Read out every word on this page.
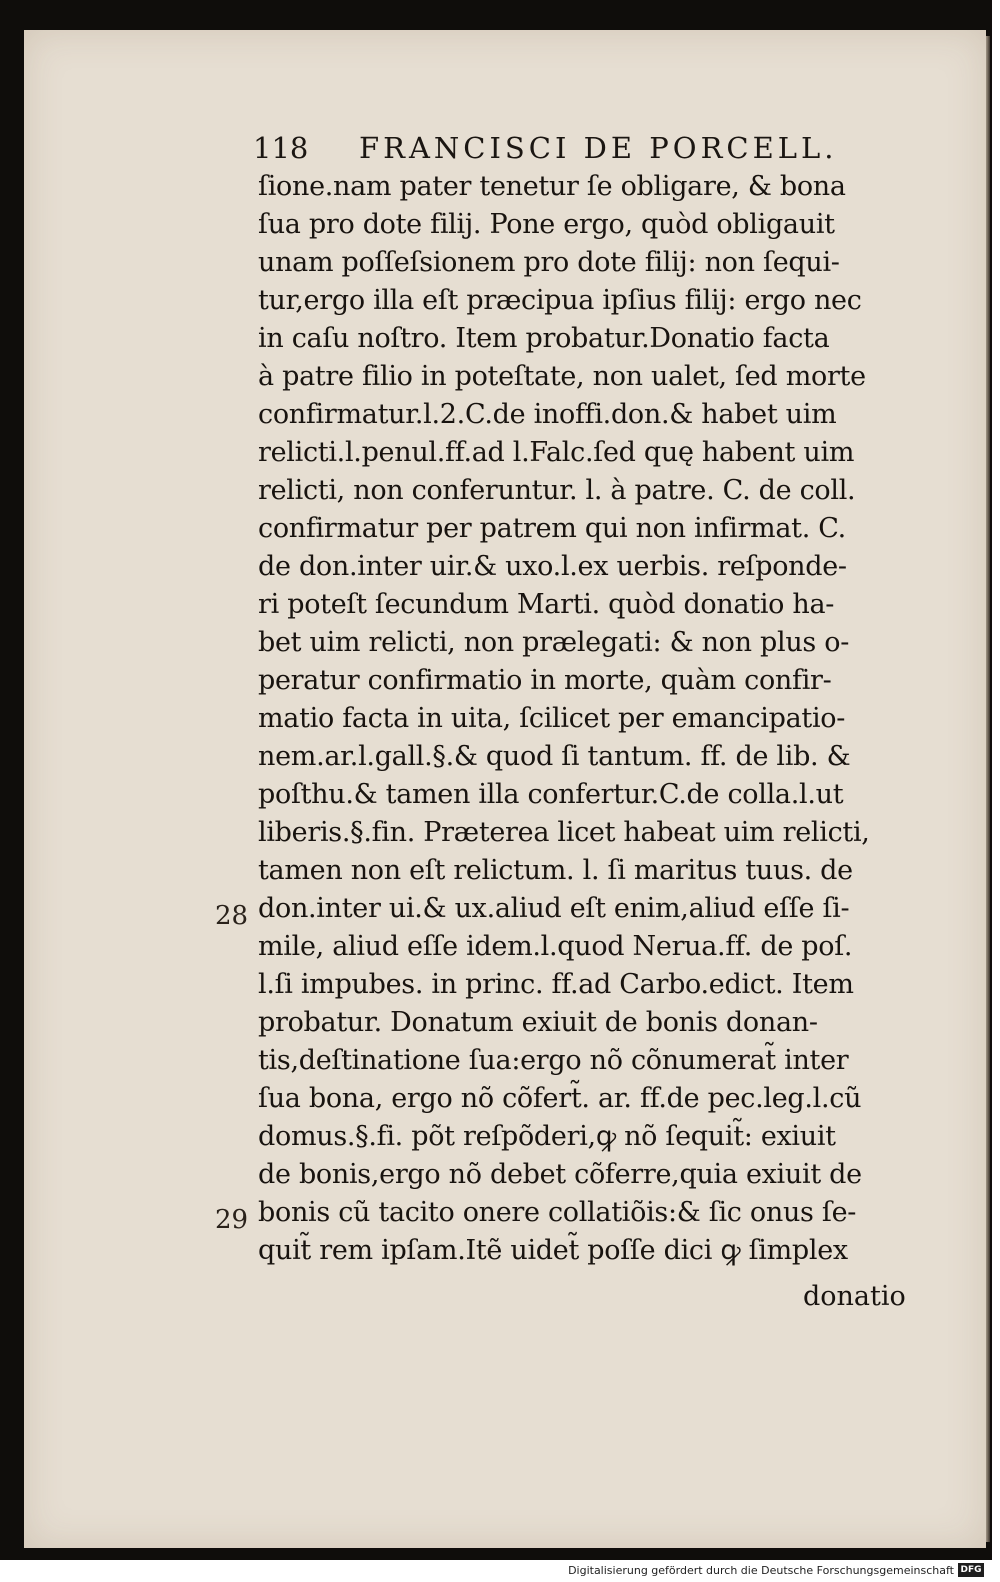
118 FRANCISCI DE PORCELL.
ſione.nam pater tenetur ſe obligare, & bona
ſua pro dote filij. Pone ergo, quòd obligauit
unam poſſeſsionem pro dote filij: non ſequi-
tur,ergo illa eſt præcipua ipſius filij: ergo nec
in caſu noſtro. Item probatur.Donatio facta
à patre filio in poteſtate, non ualet, ſed morte
confirmatur.l.2.C.de inoffi.don.& habet uim
relicti.l.penul.ff.ad l.Falc.ſed quę habent uim
relicti, non conferuntur. l. à patre. C. de coll.
confirmatur per patrem qui non infirmat. C.
de don.inter uir.& uxo.l.ex uerbis. reſponde-
ri poteſt ſecundum Marti. quòd donatio ha-
bet uim relicti, non prælegati: & non plus o-
peratur confirmatio in morte, quàm confir-
matio facta in uita, ſcilicet per emancipatio-
nem.ar.l.gall.§.& quod ſi tantum. ff. de lib. &
poſthu.& tamen illa confertur.C.de colla.l.ut
liberis.§.fin. Præterea licet habeat uim relicti,
tamen non eſt relictum. l. ſi maritus tuus. de
don.inter ui.& ux.aliud eſt enim,aliud eſſe ſi-
mile, aliud eſſe idem.l.quod Nerua.ff. de poſ.
l.ſi impubes. in princ. ff.ad Carbo.edict. Item
probatur. Donatum exiuit de bonis donan-
tis,deſtinatione ſua:ergo nõ cõnumerat̃ inter
ſua bona, ergo nõ cõfert̃. ar. ff.de pec.leg.l.cũ
domus.§.fi. põt reſpõderi,ꝙ nõ ſequit̃: exiuit
de bonis,ergo nõ debet cõferre,quia exiuit de
bonis cũ tacito onere collatiõis:& ſic onus ſe-
quit̃ rem ipſam.Itẽ uidet̃ poſſe dici ꝙ ſimplex
donatio
28
29
Digitalisierung gefördert durch die Deutsche Forschungsgemeinschaft DFG
